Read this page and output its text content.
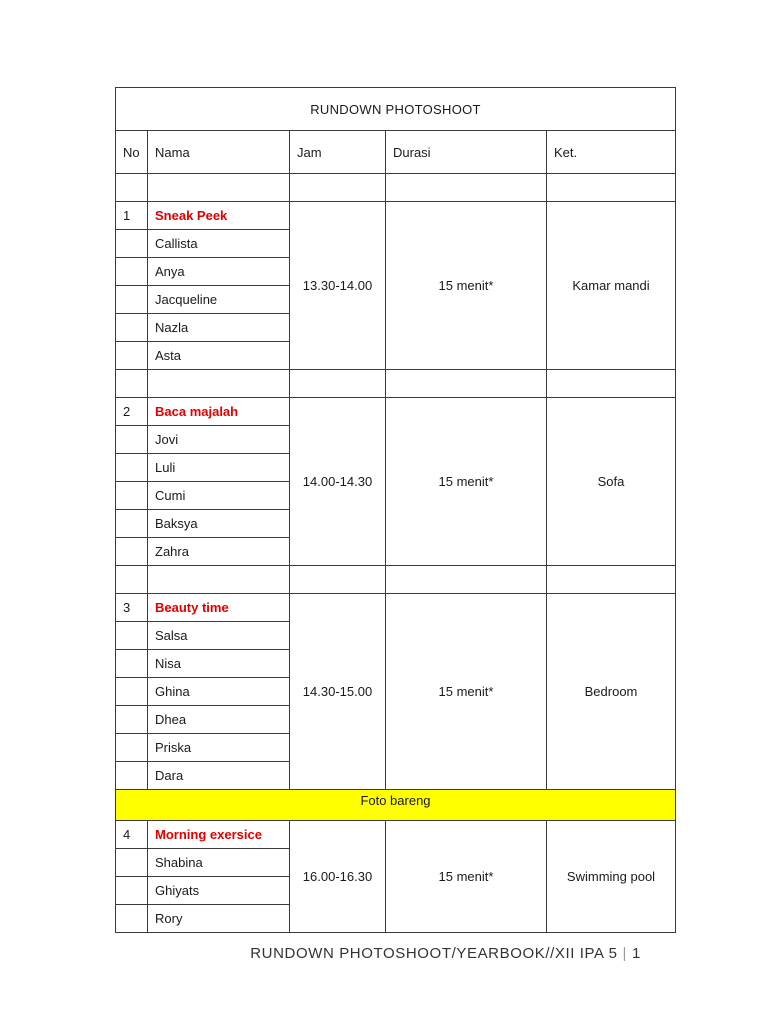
RUNDOWN PHOTOSHOOT				
No	Nama	Jam	Durasi	Ket.

1	Sneak Peek	13.30-14.00	15 menit*	Kamar mandi
	Callista			
	Anya			
	Jacqueline			
	Nazla			
	Asta			

2	Baca majalah	14.00-14.30	15 menit*	Sofa
	Jovi			
	Luli			
	Cumi			
	Baksya			
	Zahra			

3	Beauty time	14.30-15.00	15 menit*	Bedroom
	Salsa			
	Nisa			
	Ghina			
	Dhea			
	Priska			
	Dara			
Foto bareng				
4	Morning exersice	16.00-16.30	15 menit*	Swimming pool
	Shabina			
	Ghiyats			
	Rory			
RUNDOWN PHOTOSHOOT/YEARBOOK//XII IPA 5 | 1
